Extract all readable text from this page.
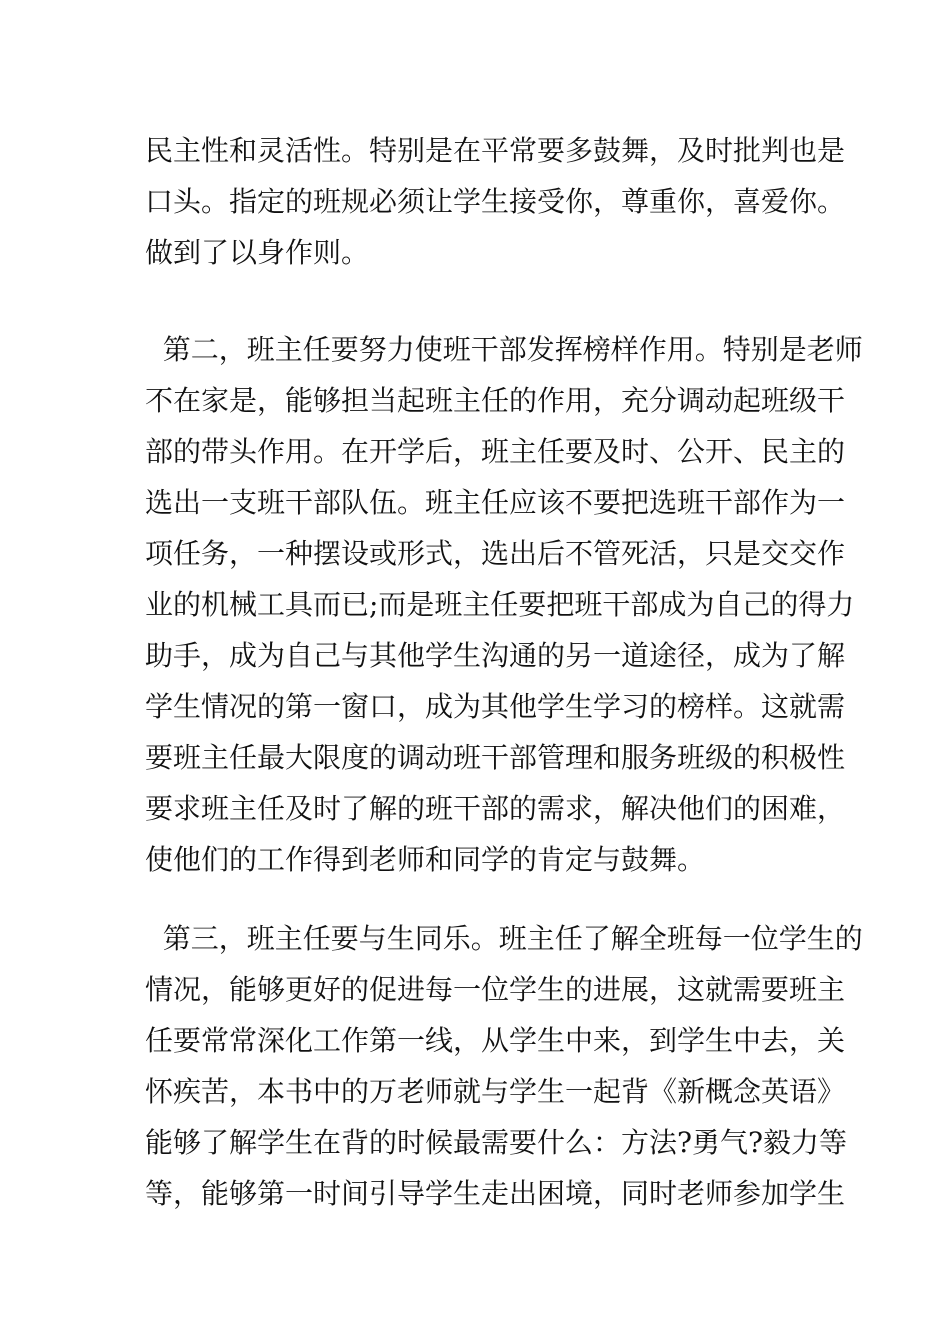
民主性和灵活性。特别是在平常要多鼓舞，及时批判也是
口头。指定的班规必须让学生接受你，尊重你，喜爱你。
做到了以身作则。
第二，班主任要努力使班干部发挥榜样作用。特别是老师
不在家是，能够担当起班主任的作用，充分调动起班级干
部的带头作用。在开学后，班主任要及时、公开、民主的
选出一支班干部队伍。班主任应该不要把选班干部作为一
项任务，一种摆设或形式，选出后不管死活，只是交交作
业的机械工具而已;而是班主任要把班干部成为自己的得力
助手，成为自己与其他学生沟通的另一道途径，成为了解
学生情况的第一窗口，成为其他学生学习的榜样。这就需
要班主任最大限度的调动班干部管理和服务班级的积极性
要求班主任及时了解的班干部的需求，解决他们的困难，
使他们的工作得到老师和同学的肯定与鼓舞。
第三，班主任要与生同乐。班主任了解全班每一位学生的
情况，能够更好的促进每一位学生的进展，这就需要班主
任要常常深化工作第一线，从学生中来，到学生中去，关
怀疾苦，本书中的万老师就与学生一起背《新概念英语》
能够了解学生在背的时候最需要什么：方法?勇气?毅力等
等，能够第一时间引导学生走出困境，同时老师参加学生
